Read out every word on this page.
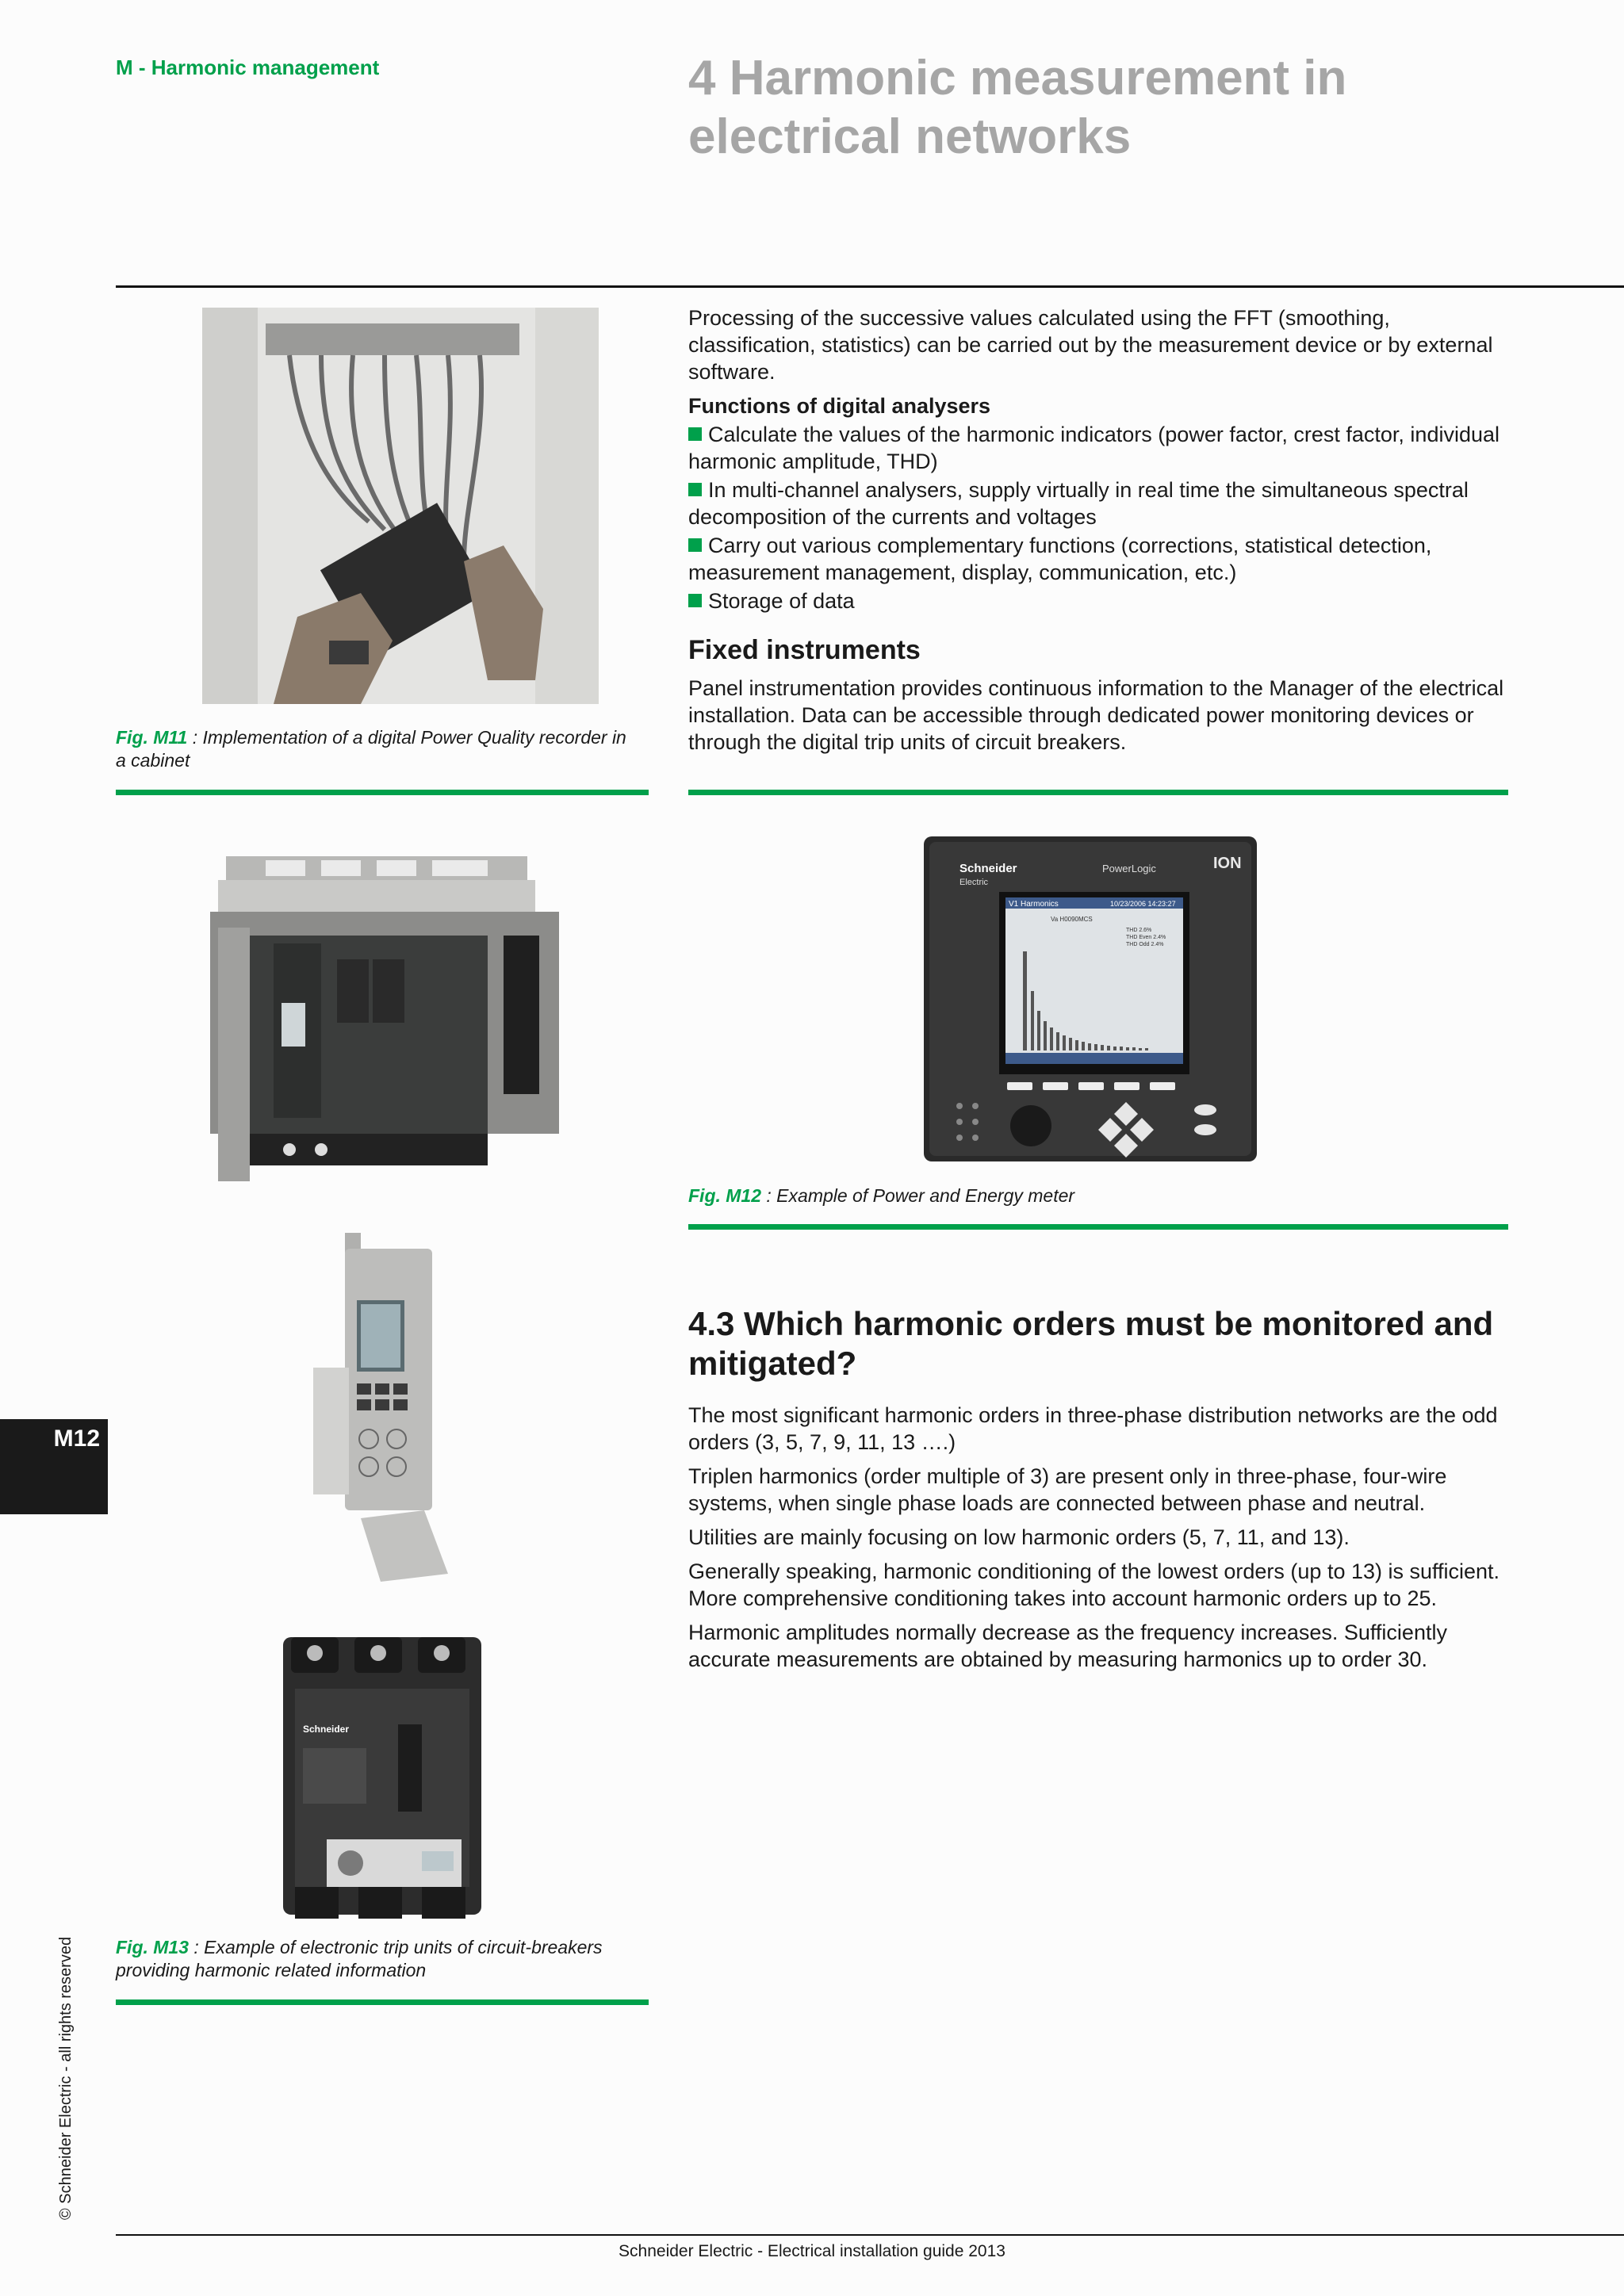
M - Harmonic management	4 Harmonic measurement in electrical networks
Fig. M11 : Implementation of a digital Power Quality recorder in a cabinet

Processing of the successive values calculated using the FFT (smoothing, classification, statistics) can be carried out by the measurement device or by external software.

Functions of digital analysers
Calculate the values of the harmonic indicators (power factor, crest factor, individual harmonic amplitude, THD)
In multi-channel analysers, supply virtually in real time the simultaneous spectral decomposition of the currents and voltages
Carry out various complementary functions (corrections, statistical detection, measurement management, display, communication, etc.)
Storage of data
Fixed instruments

Panel instrumentation provides continuous information to the Manager of the electrical installation. Data can be accessible through dedicated power monitoring devices or through the digital trip units of circuit breakers.

Schneider
Electric
PowerLogic	ION
V1 Harmonics	10/23/2006 14:23:27
Va H0090MCS
THD 2.6%
THD Even 2.4%
THD Odd 2.4%
Fig. M12 : Example of Power and Energy meter
Schneider
Fig. M13 : Example of electronic trip units of circuit-breakers providing harmonic related information
4.3 Which harmonic orders must be monitored and mitigated?

The most significant harmonic orders in three-phase distribution networks are the odd orders (3, 5, 7, 9, 11, 13 ….)

Triplen harmonics (order multiple of 3) are present only in three-phase, four-wire systems, when single phase loads are connected between phase and neutral.

Utilities are mainly focusing on low harmonic orders (5, 7, 11, and 13).

Generally speaking, harmonic conditioning of the lowest orders (up to 13) is sufficient. More comprehensive conditioning takes into account harmonic orders up to 25.

Harmonic amplitudes normally decrease as the frequency increases. Sufficiently accurate measurements are obtained by measuring harmonics up to order 30.

M12
© Schneider Electric - all rights reserved
Schneider Electric - Electrical installation guide 2013
